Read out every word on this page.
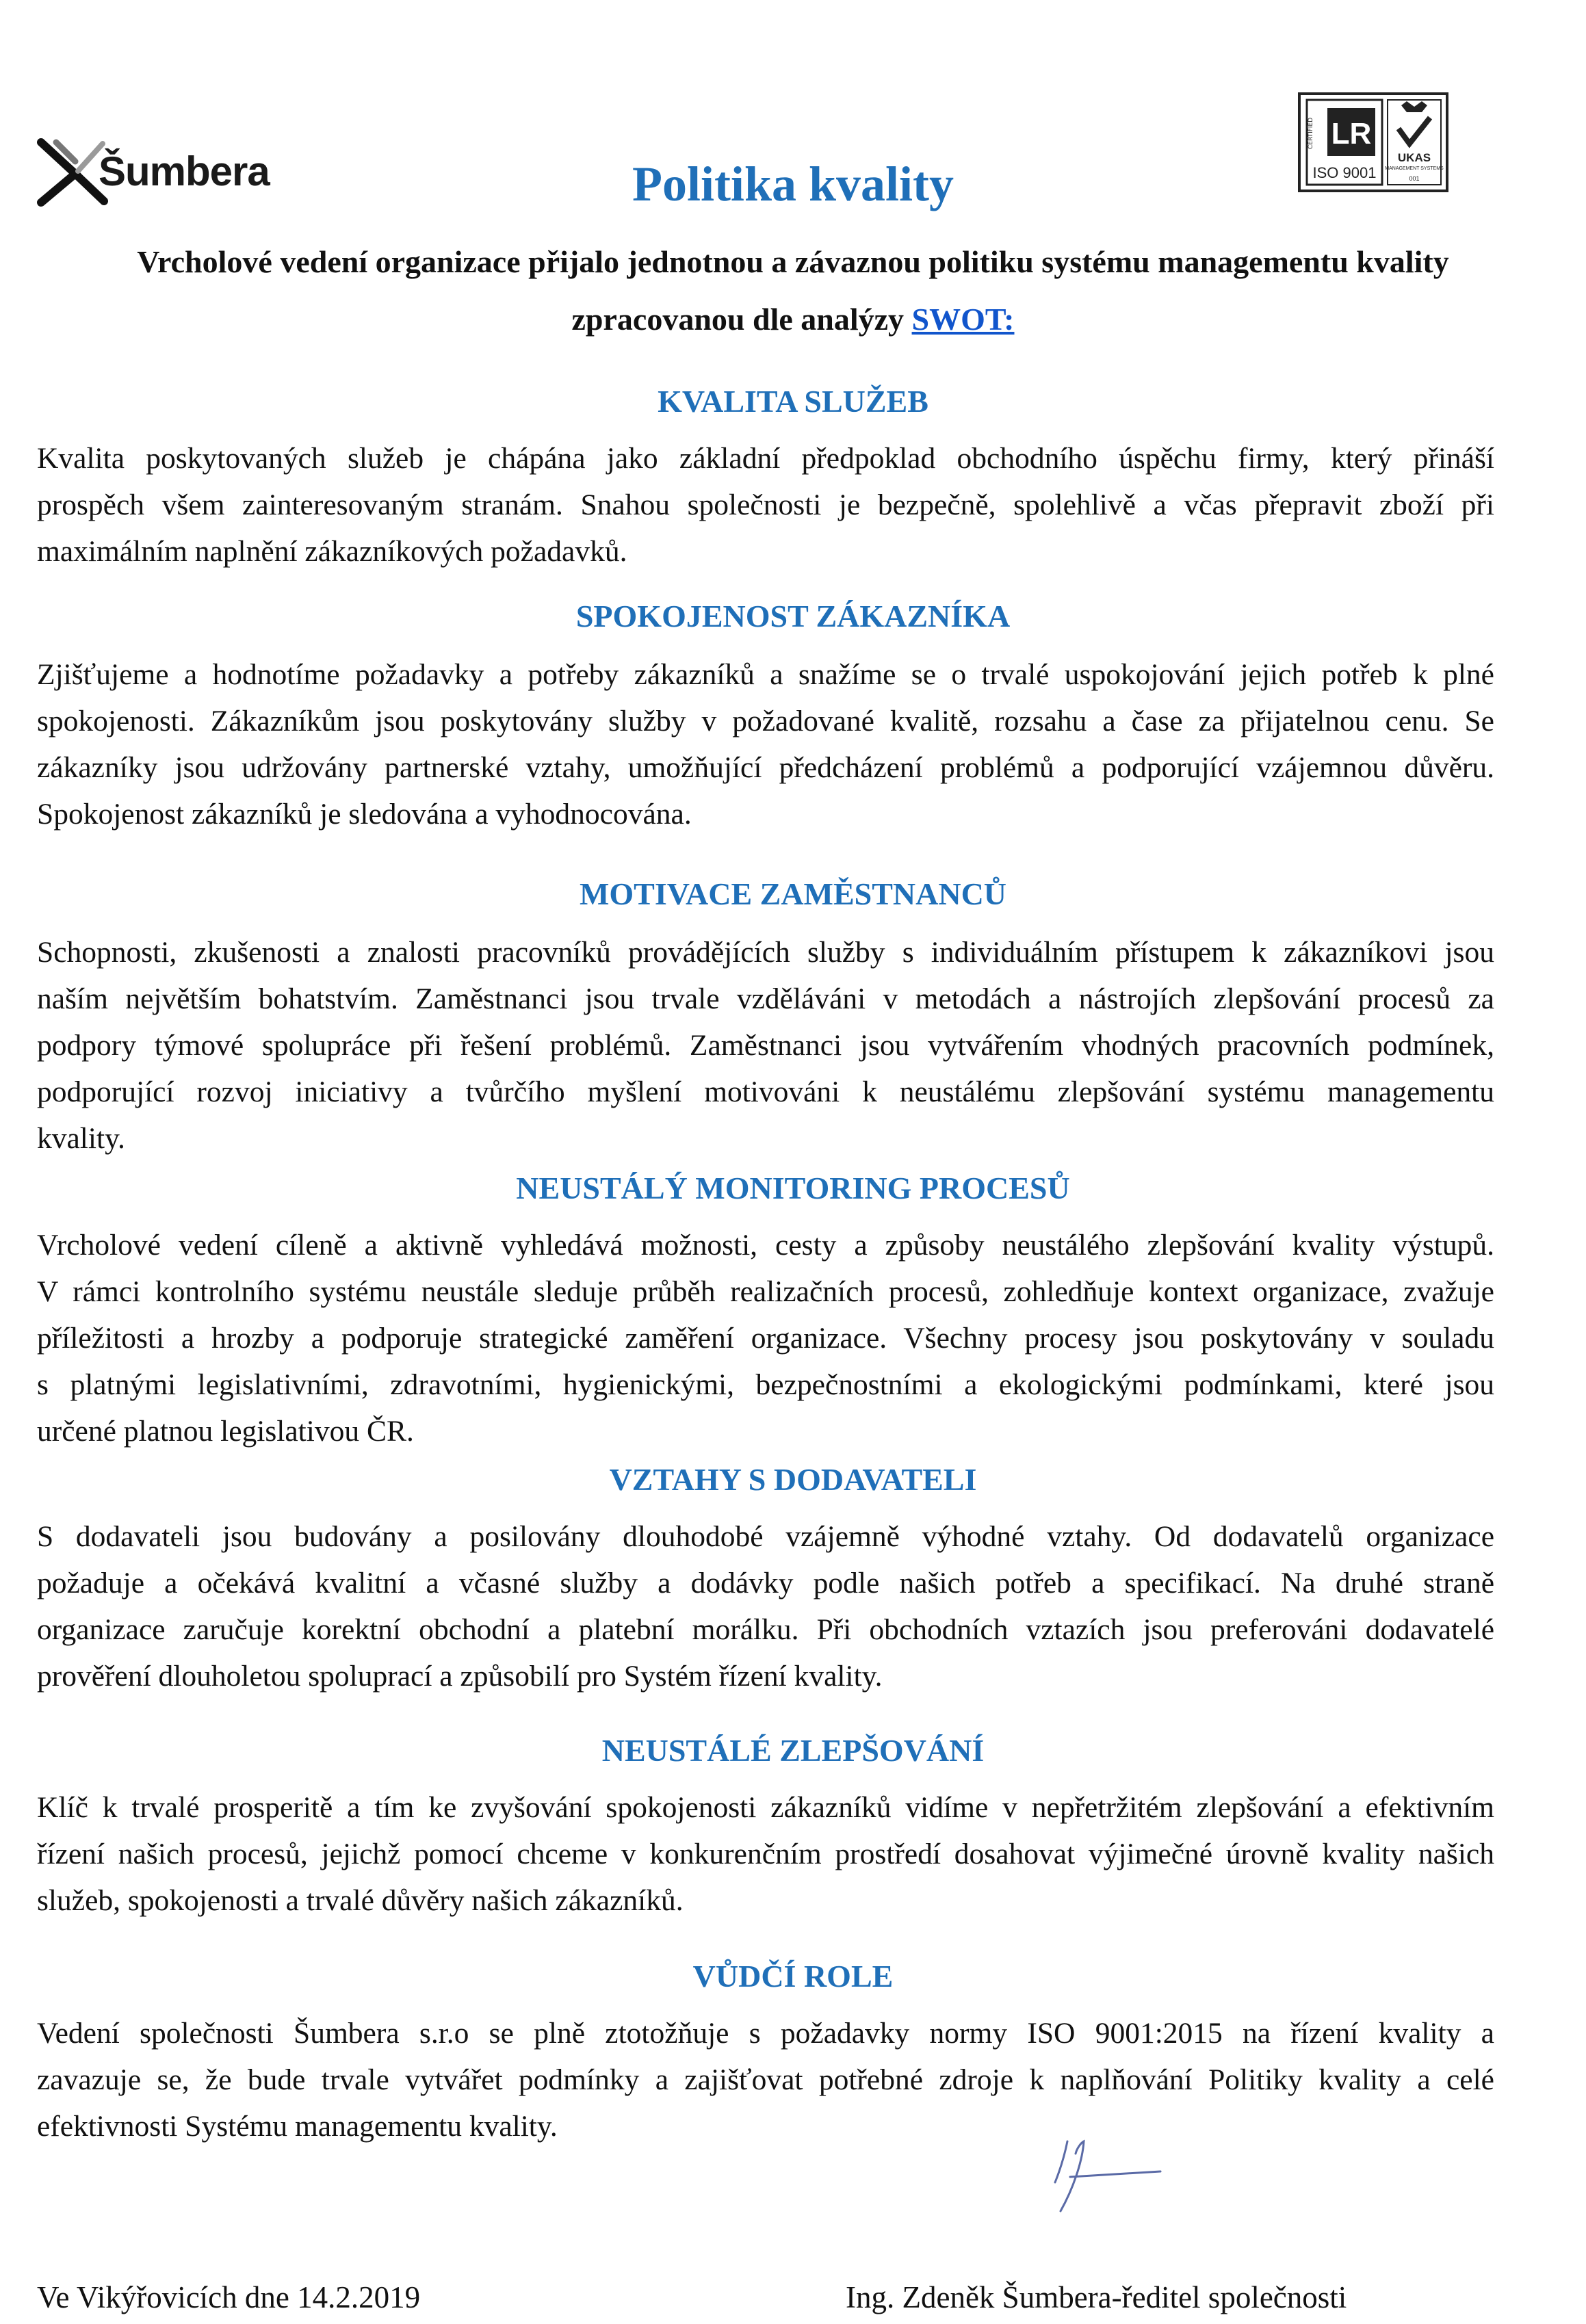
Šumbera
CERTIFIED LR
ISO 9001
UKAS
MANAGEMENT SYSTEMS
001
Politika kvality
Vrcholové vedení organizace přijalo jednotnou a závaznou politiku systému managementu kvality
zpracovanou dle analýzy SWOT:
KVALITA SLUŽEB
Kvalita poskytovaných služeb je chápána jako základní předpoklad obchodního úspěchu firmy, který přináší
prospěch všem zainteresovaným stranám. Snahou společnosti je bezpečně, spolehlivě a včas přepravit zboží při
maximálním naplnění zákazníkových požadavků.
SPOKOJENOST ZÁKAZNÍKA
Zjišťujeme a hodnotíme požadavky a potřeby zákazníků a snažíme se o trvalé uspokojování jejich potřeb k plné
spokojenosti. Zákazníkům jsou poskytovány služby v požadované kvalitě, rozsahu a čase za přijatelnou cenu. Se
zákazníky jsou udržovány partnerské vztahy, umožňující předcházení problémů a podporující vzájemnou důvěru.
Spokojenost zákazníků je sledována a vyhodnocována.
MOTIVACE ZAMĚSTNANCŮ
Schopnosti, zkušenosti a znalosti pracovníků provádějících služby s individuálním přístupem k zákazníkovi jsou
naším největším bohatstvím. Zaměstnanci jsou trvale vzděláváni v metodách a nástrojích zlepšování procesů za
podpory týmové spolupráce při řešení problémů. Zaměstnanci jsou vytvářením vhodných pracovních podmínek,
podporující rozvoj iniciativy a tvůrčího myšlení motivováni k neustálému zlepšování systému managementu
kvality.
NEUSTÁLÝ MONITORING PROCESŮ
Vrcholové vedení cíleně a aktivně vyhledává možnosti, cesty a způsoby neustálého zlepšování kvality výstupů.
V rámci kontrolního systému neustále sleduje průběh realizačních procesů, zohledňuje kontext organizace, zvažuje
příležitosti a hrozby a podporuje strategické zaměření organizace. Všechny procesy jsou poskytovány v souladu
s platnými legislativními, zdravotními, hygienickými, bezpečnostními a ekologickými podmínkami, které jsou
určené platnou legislativou ČR.
VZTAHY S DODAVATELI
S dodavateli jsou budovány a posilovány dlouhodobé vzájemně výhodné vztahy. Od dodavatelů organizace
požaduje a očekává kvalitní a včasné služby a dodávky podle našich potřeb a specifikací. Na druhé straně
organizace zaručuje korektní obchodní a platební morálku. Při obchodních vztazích jsou preferováni dodavatelé
prověření dlouholetou spoluprací a způsobilí pro Systém řízení kvality.
NEUSTÁLÉ ZLEPŠOVÁNÍ
Klíč k trvalé prosperitě a tím ke zvyšování spokojenosti zákazníků vidíme v nepřetržitém zlepšování a efektivním
řízení našich procesů, jejichž pomocí chceme v konkurenčním prostředí dosahovat výjimečné úrovně kvality našich
služeb, spokojenosti a trvalé důvěry našich zákazníků.
VŮDČÍ ROLE
Vedení společnosti Šumbera s.r.o se plně ztotožňuje s požadavky normy ISO 9001:2015 na řízení kvality a
zavazuje se, že bude trvale vytvářet podmínky a zajišťovat potřebné zdroje k naplňování Politiky kvality a celé
efektivnosti Systému managementu kvality.
Ve Vikýřovicích dne 14.2.2019	Ing. Zdeněk Šumbera-ředitel společnosti
